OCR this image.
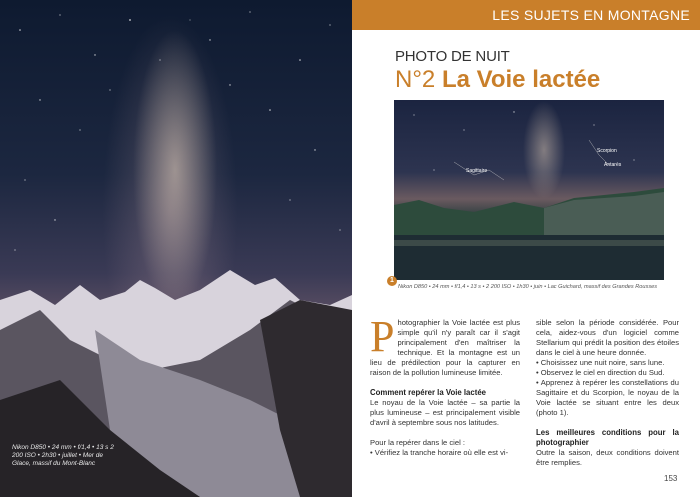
Nikon D850 • 24 mm • f/1,4 • 13 s 2 200 ISO • 2h30 • juillet • Mer de Glace, massif du Mont-Blanc
LES SUJETS EN MONTAGNE
PHOTO DE NUIT
N°2 La Voie lactée
Sagittaire
Scorpion
Antarès
1
Nikon D850 • 24 mm • f/1,4 • 13 s • 2 200 ISO • 1h30 • juin • Lac Guichard, massif des Grandes Rousses

Photographier la Voie lactée est plus simple qu'il n'y paraît car il s'agit principalement d'en maîtriser la technique. Et la montagne est un lieu de prédilection pour la capturer en raison de la pollution lumineuse limitée.

Comment repérer la Voie lactée

Le noyau de la Voie lactée – sa partie la plus lumineuse – est principalement visible d'avril à septembre sous nos latitudes.

Pour la repérer dans le ciel :

• Vérifiez la tranche horaire où elle est vi-

sible selon la période considérée. Pour cela, aidez-vous d'un logiciel comme Stellarium qui prédit la position des étoiles dans le ciel à une heure donnée.

• Choisissez une nuit noire, sans lune.

• Observez le ciel en direction du Sud.

• Apprenez à repérer les constellations du Sagittaire et du Scorpion, le noyau de la Voie lactée se situant entre les deux (photo 1).

Les meilleures conditions pour la photographier

Outre la saison, deux conditions doivent être remplies.

153
